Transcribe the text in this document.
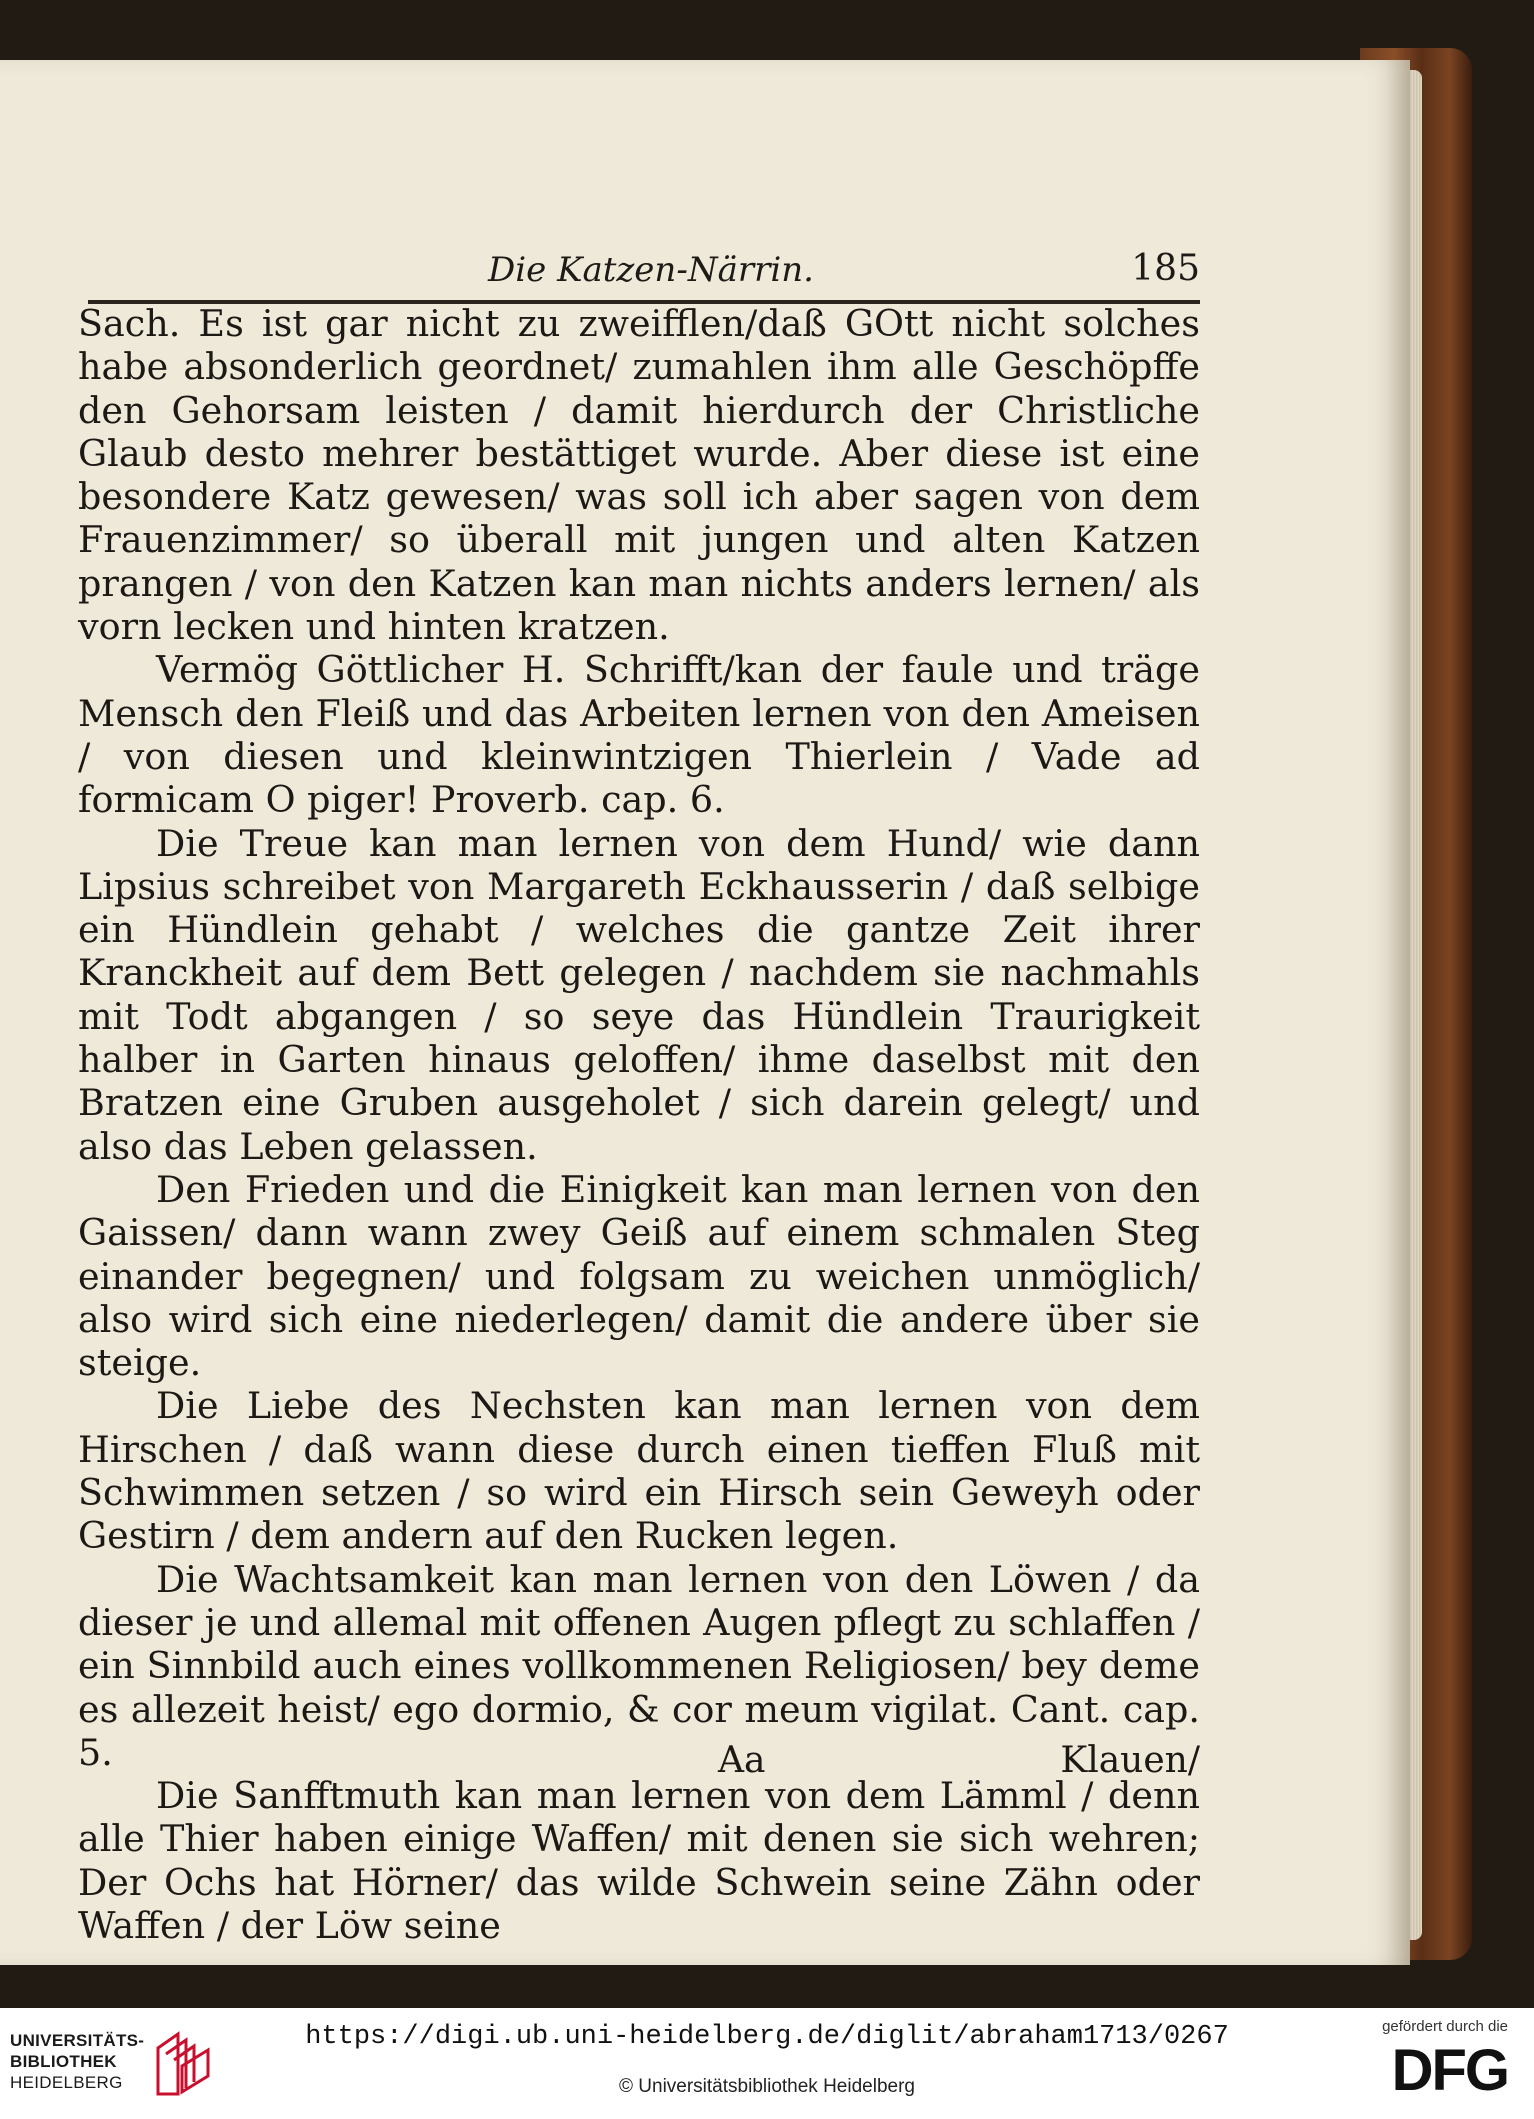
Die Katzen-Närrin.	185

Sach. Es ist gar nicht zu zweifflen/daß GOtt nicht solches habe absonderlich geordnet/ zumahlen ihm alle Geschöpffe den Gehorsam leisten / damit hierdurch der Christliche Glaub desto mehrer bestättiget wurde. Aber diese ist eine besondere Katz gewesen/ was soll ich aber sagen von dem Frauenzimmer/ so überall mit jungen und alten Katzen prangen / von den Katzen kan man nichts anders lernen/ als vorn lecken und hinten kratzen.

Vermög Göttlicher H. Schrifft/kan der faule und träge Mensch den Fleiß und das Arbeiten lernen von den Ameisen / von diesen und kleinwintzigen Thierlein / Vade ad formicam O piger! Proverb. cap. 6.

Die Treue kan man lernen von dem Hund/ wie dann Lipsius schreibet von Margareth Eckhausserin / daß selbige ein Hündlein gehabt / welches die gantze Zeit ihrer Kranckheit auf dem Bett gelegen / nachdem sie nachmahls mit Todt abgangen / so seye das Hündlein Traurigkeit halber in Garten hinaus geloffen/ ihme daselbst mit den Bratzen eine Gruben ausgeholet / sich darein gelegt/ und also das Leben gelassen.

Den Frieden und die Einigkeit kan man lernen von den Gaissen/ dann wann zwey Geiß auf einem schmalen Steg einander begegnen/ und folgsam zu weichen unmöglich/ also wird sich eine niederlegen/ damit die andere über sie steige.

Die Liebe des Nechsten kan man lernen von dem Hirschen / daß wann diese durch einen tieffen Fluß mit Schwimmen setzen / so wird ein Hirsch sein Geweyh oder Gestirn / dem andern auf den Rucken legen.

Die Wachtsamkeit kan man lernen von den Löwen / da dieser je und allemal mit offenen Augen pflegt zu schlaffen / ein Sinnbild auch eines vollkommenen Religiosen/ bey deme es allezeit heist/ ego dormio, & cor meum vigilat. Cant. cap. 5.

Die Sanfftmuth kan man lernen von dem Lämml / denn alle Thier haben einige Waffen/ mit denen sie sich wehren; Der Ochs hat Hörner/ das wilde Schwein seine Zähn oder Waffen / der Löw seine

Aa	Klauen/
UNIVERSITÄTS-
BIBLIOTHEK
HEIDELBERG
https://digi.ub.uni-heidelberg.de/diglit/abraham1713/0267
© Universitätsbibliothek Heidelberg
gefördert durch die
DFG
